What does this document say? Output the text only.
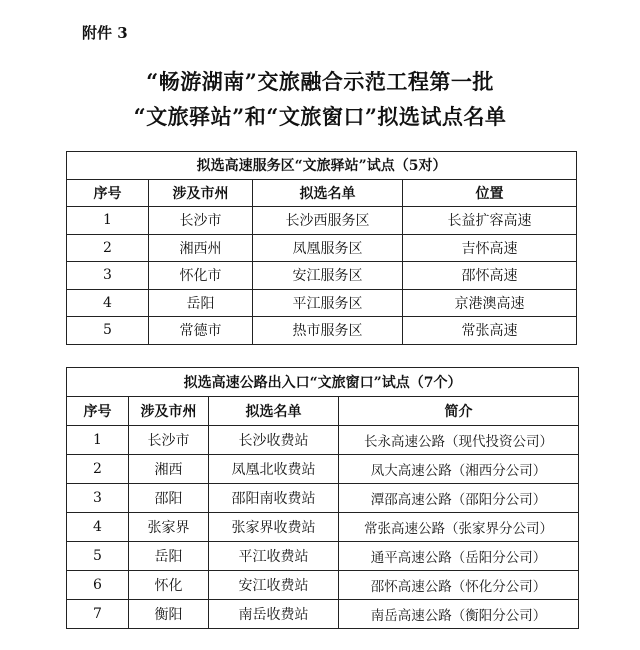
附件 3
“畅游湖南”交旅融合示范工程第一批
“文旅驿站”和“文旅窗口”拟选试点名单
拟选高速服务区“文旅驿站”试点（5对）			
序号	涉及市州	拟选名单	位置
1	长沙市	长沙西服务区	长益扩容高速
2	湘西州	凤凰服务区	吉怀高速
3	怀化市	安江服务区	邵怀高速
4	岳阳	平江服务区	京港澳高速
5	常德市	热市服务区	常张高速
拟选高速公路出入口“文旅窗口”试点（7个）			
序号	涉及市州	拟选名单	简介
1	长沙市	长沙收费站	长永高速公路（现代投资公司）
2	湘西	凤凰北收费站	凤大高速公路（湘西分公司）
3	邵阳	邵阳南收费站	潭邵高速公路（邵阳分公司）
4	张家界	张家界收费站	常张高速公路（张家界分公司）
5	岳阳	平江收费站	通平高速公路（岳阳分公司）
6	怀化	安江收费站	邵怀高速公路（怀化分公司）
7	衡阳	南岳收费站	南岳高速公路（衡阳分公司）
